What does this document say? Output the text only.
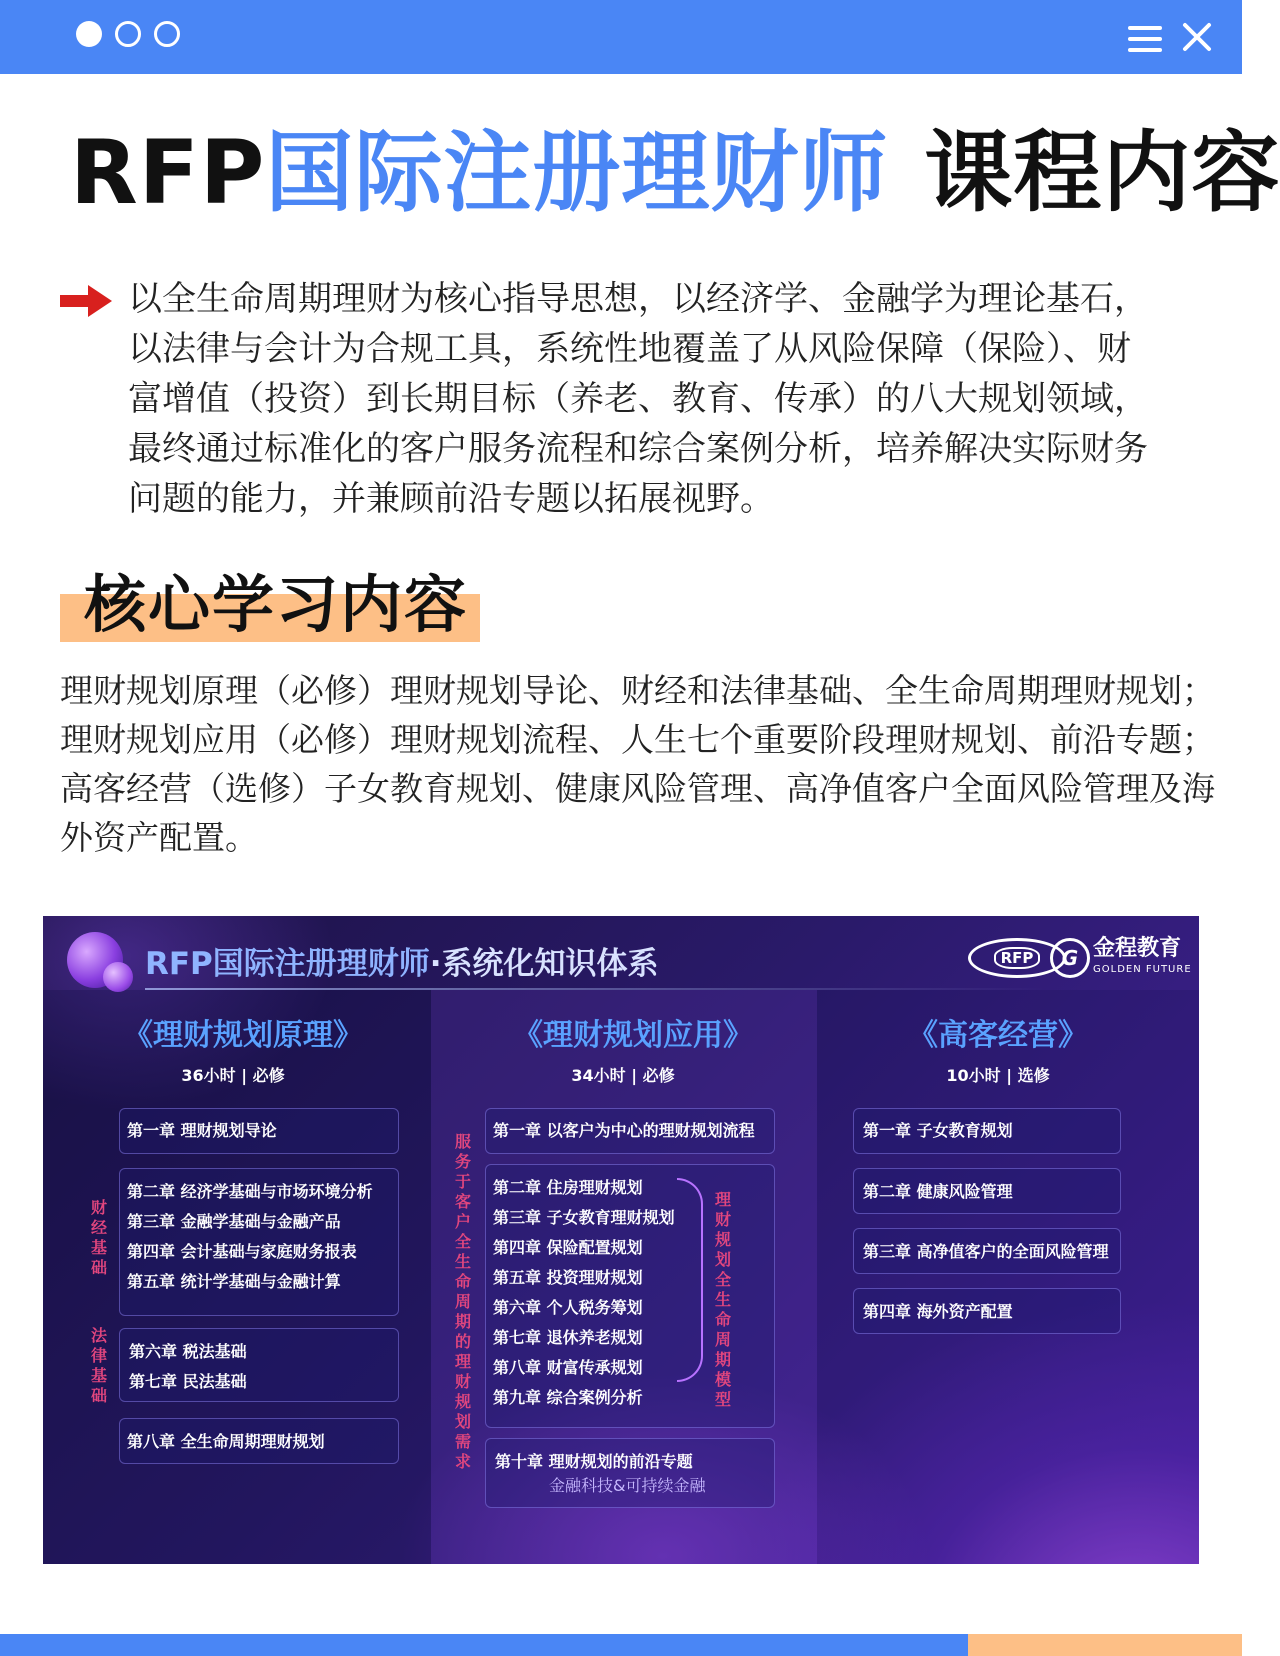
RFP国际注册理财师 课程内容
以全生命周期理财为核心指导思想，以经济学、金融学为理论基石，
以法律与会计为合规工具，系统性地覆盖了从风险保障（保险）、财
富增值（投资）到长期目标（养老、教育、传承）的八大规划领域，
最终通过标准化的客户服务流程和综合案例分析，培养解决实际财务
问题的能力，并兼顾前沿专题以拓展视野。
核心学习内容
理财规划原理（必修）理财规划导论、财经和法律基础、全生命周期理财规划；
理财规划应用（必修）理财规划流程、人生七个重要阶段理财规划、前沿专题；
高客经营（选修）子女教育规划、健康风险管理、高净值客户全面风险管理及海
外资产配置。
RFP国际注册理财师·系统化知识体系	RFP	G 金程教育
GOLDEN FUTURE
《理财规划原理》
36小时 | 必修
第一章 理财规划导论
第二章 经济学基础与市场环境分析
第三章 金融学基础与金融产品
第四章 会计基础与家庭财务报表
第五章 统计学基础与金融计算
财经基础
第六章 税法基础
第七章 民法基础
法律基础
第八章 全生命周期理财规划
《理财规划应用》
34小时 | 必修
第一章 以客户为中心的理财规划流程
第二章 住房理财规划
第三章 子女教育理财规划
第四章 保险配置规划
第五章 投资理财规划
第六章 个人税务筹划
第七章 退休养老规划
第八章 财富传承规划
第九章 综合案例分析
理财规划全生命周期模型
服务于客户全生命周期的理财规划需求 第十章 理财规划的前沿专题
金融科技&可持续金融
《高客经营》
10小时 | 选修
第一章 子女教育规划
第二章 健康风险管理
第三章 高净值客户的全面风险管理
第四章 海外资产配置
